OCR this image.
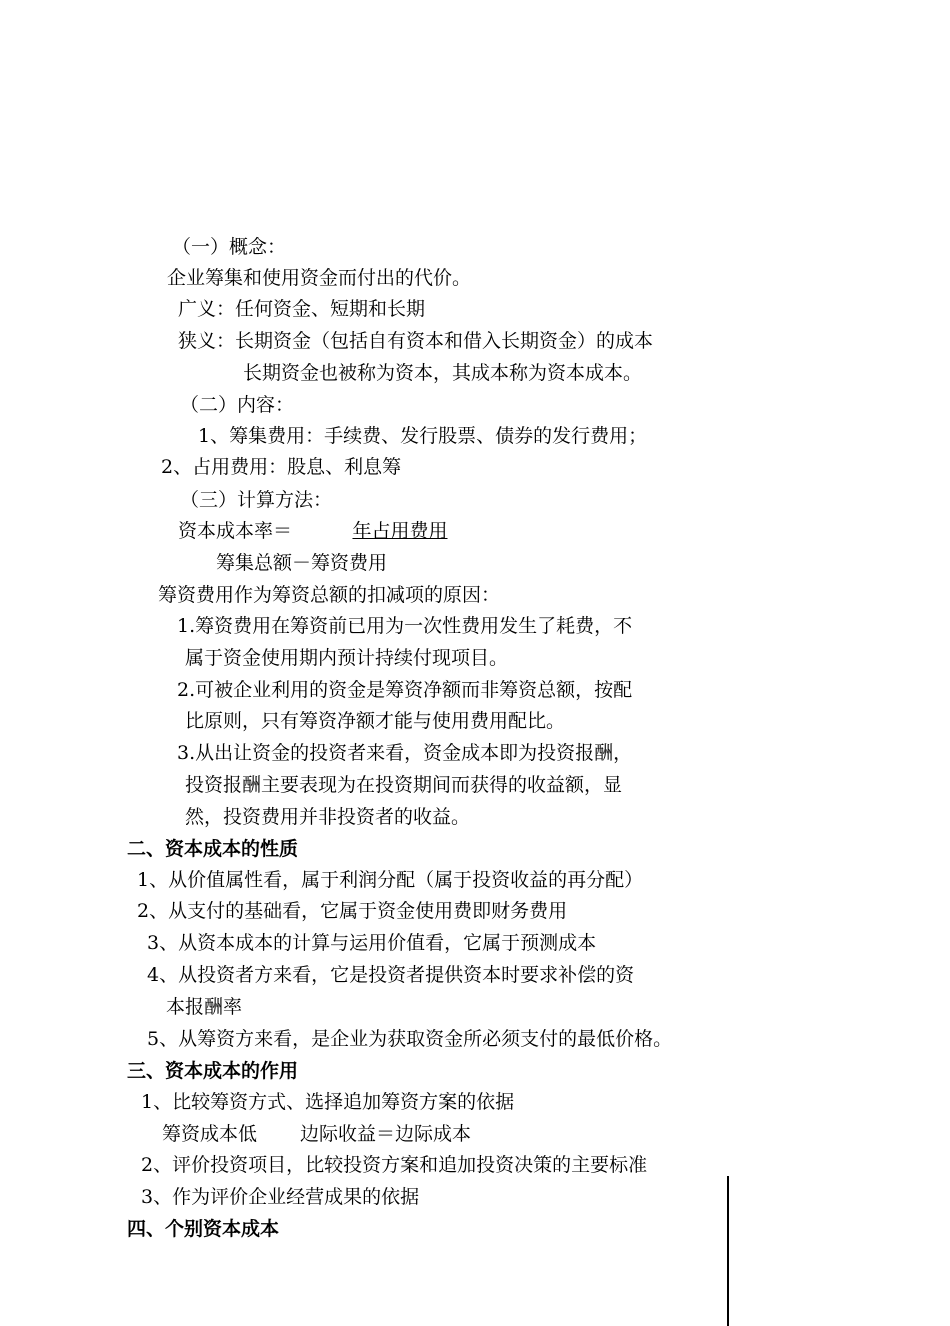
（一）概念：
企业筹集和使用资金而付出的代价。
广义：任何资金、短期和长期
狭义：长期资金（包括自有资本和借入长期资金）的成本
长期资金也被称为资本，其成本称为资本成本。
（二）内容：
1、筹集费用：手续费、发行股票、债券的发行费用；
2、占用费用：股息、利息筹
（三）计算方法：
资本成本率＝	年占用费用
筹集总额－筹资费用
筹资费用作为筹资总额的扣减项的原因：
1.筹资费用在筹资前已用为一次性费用发生了耗费，不
属于资金使用期内预计持续付现项目。
2.可被企业利用的资金是筹资净额而非筹资总额，按配
比原则，只有筹资净额才能与使用费用配比。
3.从出让资金的投资者来看，资金成本即为投资报酬，
投资报酬主要表现为在投资期间而获得的收益额，显
然，投资费用并非投资者的收益。
二、资本成本的性质
1、从价值属性看，属于利润分配（属于投资收益的再分配）
2、从支付的基础看，它属于资金使用费即财务费用
3、从资本成本的计算与运用价值看，它属于预测成本
4、从投资者方来看，它是投资者提供资本时要求补偿的资
本报酬率
5、从筹资方来看，是企业为获取资金所必须支付的最低价格。
三、资本成本的作用
1、比较筹资方式、选择追加筹资方案的依据
筹资成本低 边际收益＝边际成本
2、评价投资项目，比较投资方案和追加投资决策的主要标准
3、作为评价企业经营成果的依据
四、个别资本成本
